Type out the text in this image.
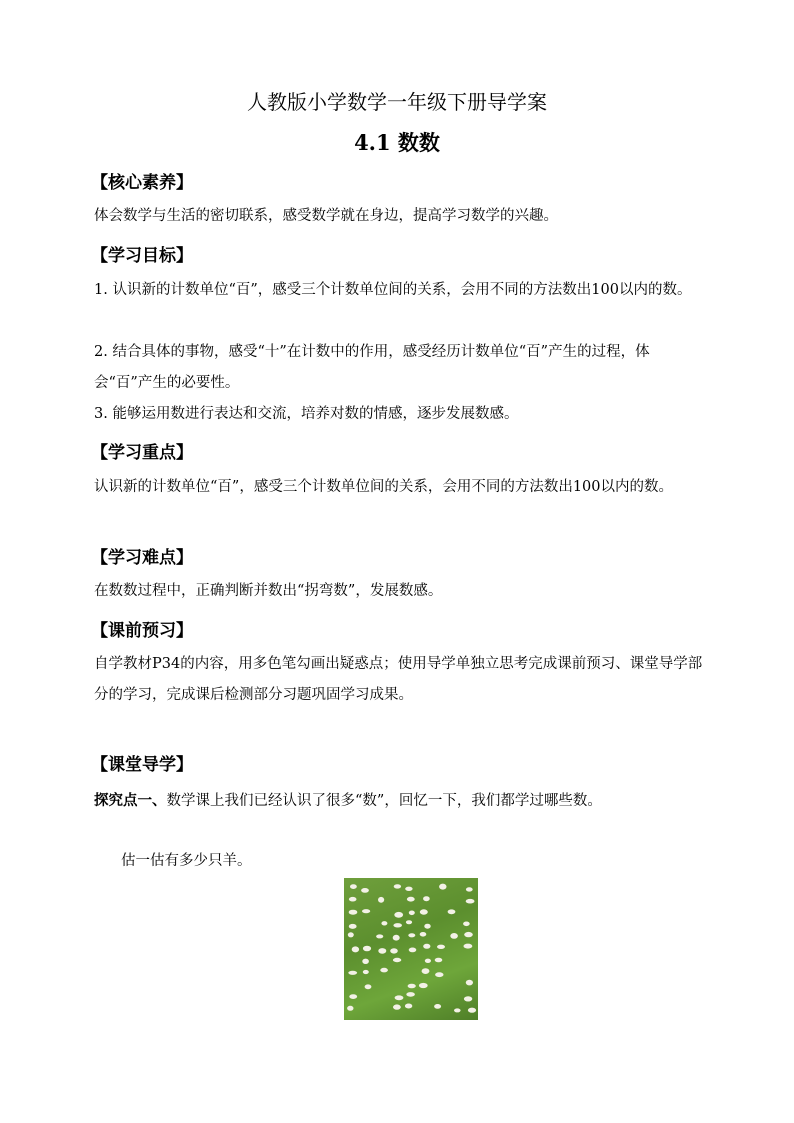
人教版小学数学一年级下册导学案
4.1 数数
【核心素养】
体会数学与生活的密切联系，感受数学就在身边，提高学习数学的兴趣。
【学习目标】
1. 认识新的计数单位“百”，感受三个计数单位间的关系，会用不同的方法数出100以内的数。
2. 结合具体的事物，感受“十”在计数中的作用，感受经历计数单位“百”产生的过程，体会“百”产生的必要性。
3. 能够运用数进行表达和交流，培养对数的情感，逐步发展数感。
【学习重点】
认识新的计数单位“百”，感受三个计数单位间的关系，会用不同的方法数出100以内的数。
【学习难点】
在数数过程中，正确判断并数出“拐弯数”，发展数感。
【课前预习】
自学教材P34的内容，用多色笔勾画出疑惑点；使用导学单独立思考完成课前预习、课堂导学部分的学习，完成课后检测部分习题巩固学习成果。
【课堂导学】
探究点一、数学课上我们已经认识了很多“数”，回忆一下，我们都学过哪些数。
估一估有多少只羊。
